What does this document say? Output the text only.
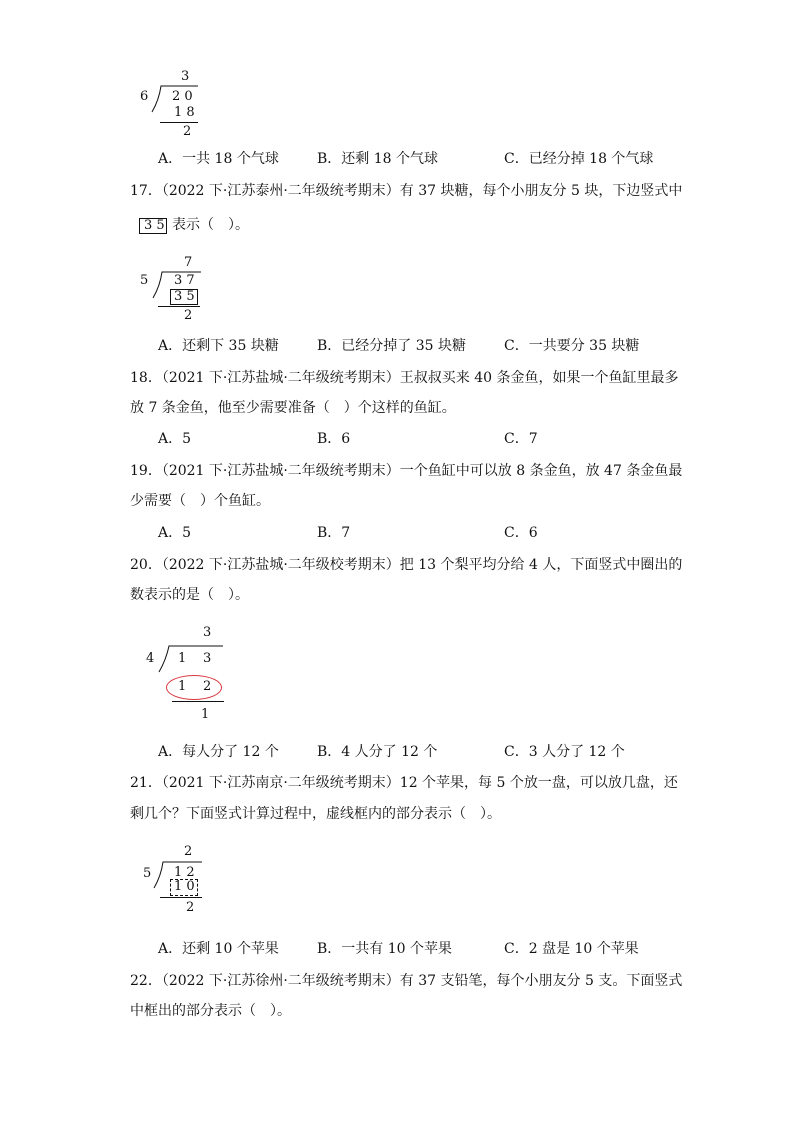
3
6 2 0
1 8
2
A．一共 18 个气球	B．还剩 18 个气球	C．已经分掉 18 个气球
17．（2022 下·江苏泰州·二年级统考期末）有 37 块糖，每个小朋友分 5 块，下边竖式中
3 5 表示（　）。
7
5 3 7
3 5
2
A．还剩下 35 块糖	B．已经分掉了 35 块糖	C．一共要分 35 块糖
18．（2021 下·江苏盐城·二年级统考期末）王叔叔买来 40 条金鱼，如果一个鱼缸里最多
放 7 条金鱼，他至少需要准备（　）个这样的鱼缸。
A．5	B．6	C．7
19．（2021 下·江苏盐城·二年级统考期末）一个鱼缸中可以放 8 条金鱼，放 47 条金鱼最
少需要（　）个鱼缸。
A．5	B．7	C．6
20．（2022 下·江苏盐城·二年级校考期末）把 13 个梨平均分给 4 人，下面竖式中圈出的
数表示的是（　）。
3
4 1 3
1 2
1
A．每人分了 12 个	B．4 人分了 12 个	C．3 人分了 12 个
21．（2021 下·江苏南京·二年级统考期末）12 个苹果，每 5 个放一盘，可以放几盘，还
剩几个？下面竖式计算过程中，虚线框内的部分表示（　）。
2
5 1 2
1 0
2
A．还剩 10 个苹果	B．一共有 10 个苹果	C．2 盘是 10 个苹果
22．（2022 下·江苏徐州·二年级统考期末）有 37 支铅笔，每个小朋友分 5 支。下面竖式
中框出的部分表示（　）。
